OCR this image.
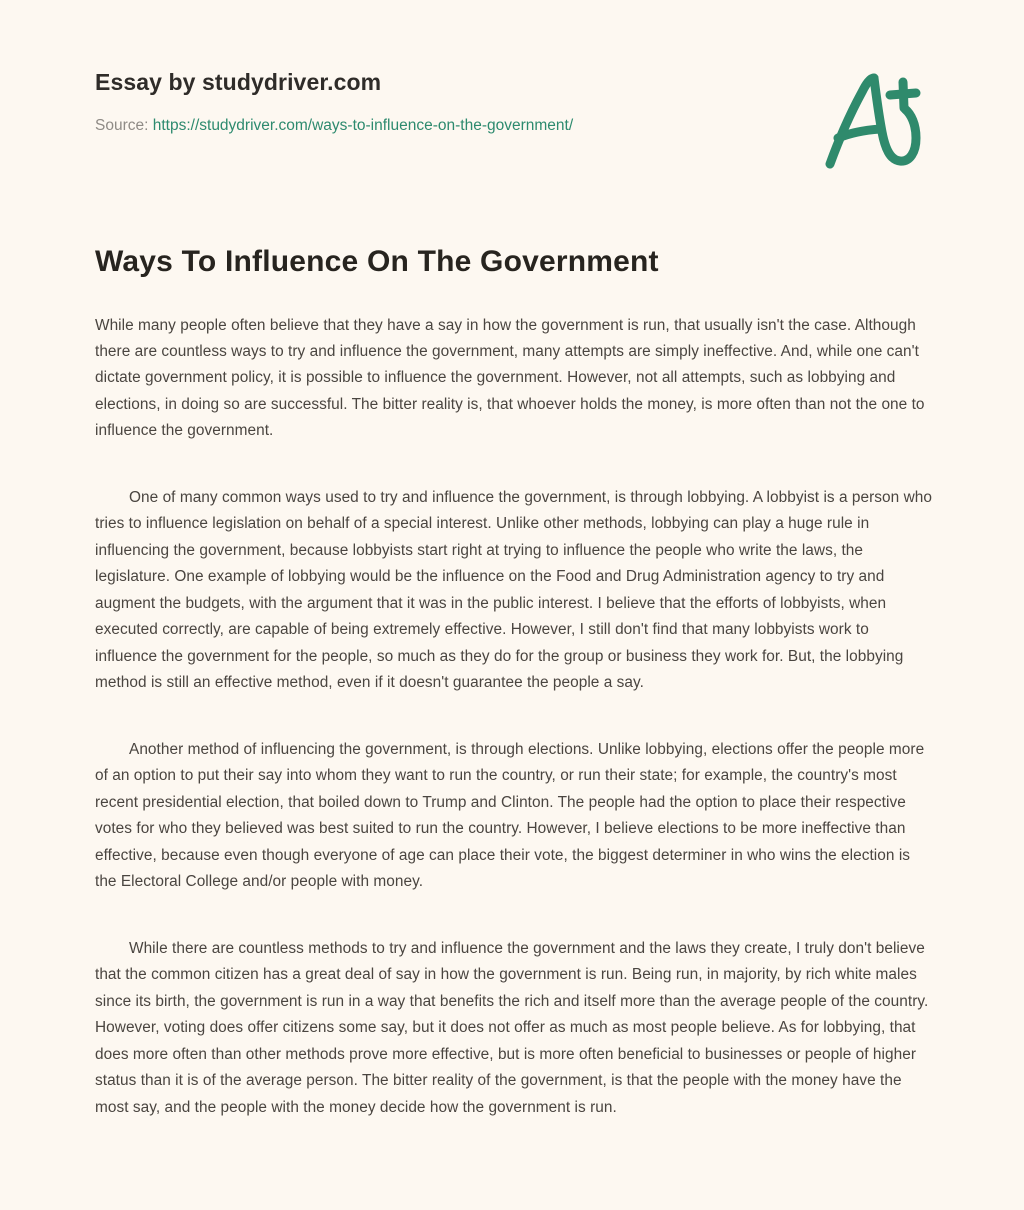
Essay by studydriver.com
Source: https://studydriver.com/ways-to-influence-on-the-government/
Ways To Influence On The Government

While many people often believe that they have a say in how the government is run, that usually isn't the case. Although there are countless ways to try and influence the government, many attempts are simply ineffective. And, while one can't dictate government policy, it is possible to influence the government. However, not all attempts, such as lobbying and elections, in doing so are successful. The bitter reality is, that whoever holds the money, is more often than not the one to influence the government.

One of many common ways used to try and influence the government, is through lobbying. A lobbyist is a person who tries to influence legislation on behalf of a special interest. Unlike other methods, lobbying can play a huge rule in influencing the government, because lobbyists start right at trying to influence the people who write the laws, the legislature. One example of lobbying would be the influence on the Food and Drug Administration agency to try and augment the budgets, with the argument that it was in the public interest. I believe that the efforts of lobbyists, when executed correctly, are capable of being extremely effective. However, I still don't find that many lobbyists work to influence the government for the people, so much as they do for the group or business they work for. But, the lobbying method is still an effective method, even if it doesn't guarantee the people a say.

Another method of influencing the government, is through elections. Unlike lobbying, elections offer the people more of an option to put their say into whom they want to run the country, or run their state; for example, the country's most recent presidential election, that boiled down to Trump and Clinton. The people had the option to place their respective votes for who they believed was best suited to run the country. However, I believe elections to be more ineffective than effective, because even though everyone of age can place their vote, the biggest determiner in who wins the election is the Electoral College and/or people with money.

While there are countless methods to try and influence the government and the laws they create, I truly don't believe that the common citizen has a great deal of say in how the government is run. Being run, in majority, by rich white males since its birth, the government is run in a way that benefits the rich and itself more than the average people of the country. However, voting does offer citizens some say, but it does not offer as much as most people believe. As for lobbying, that does more often than other methods prove more effective, but is more often beneficial to businesses or people of higher status than it is of the average person. The bitter reality of the government, is that the people with the money have the most say, and the people with the money decide how the government is run.
